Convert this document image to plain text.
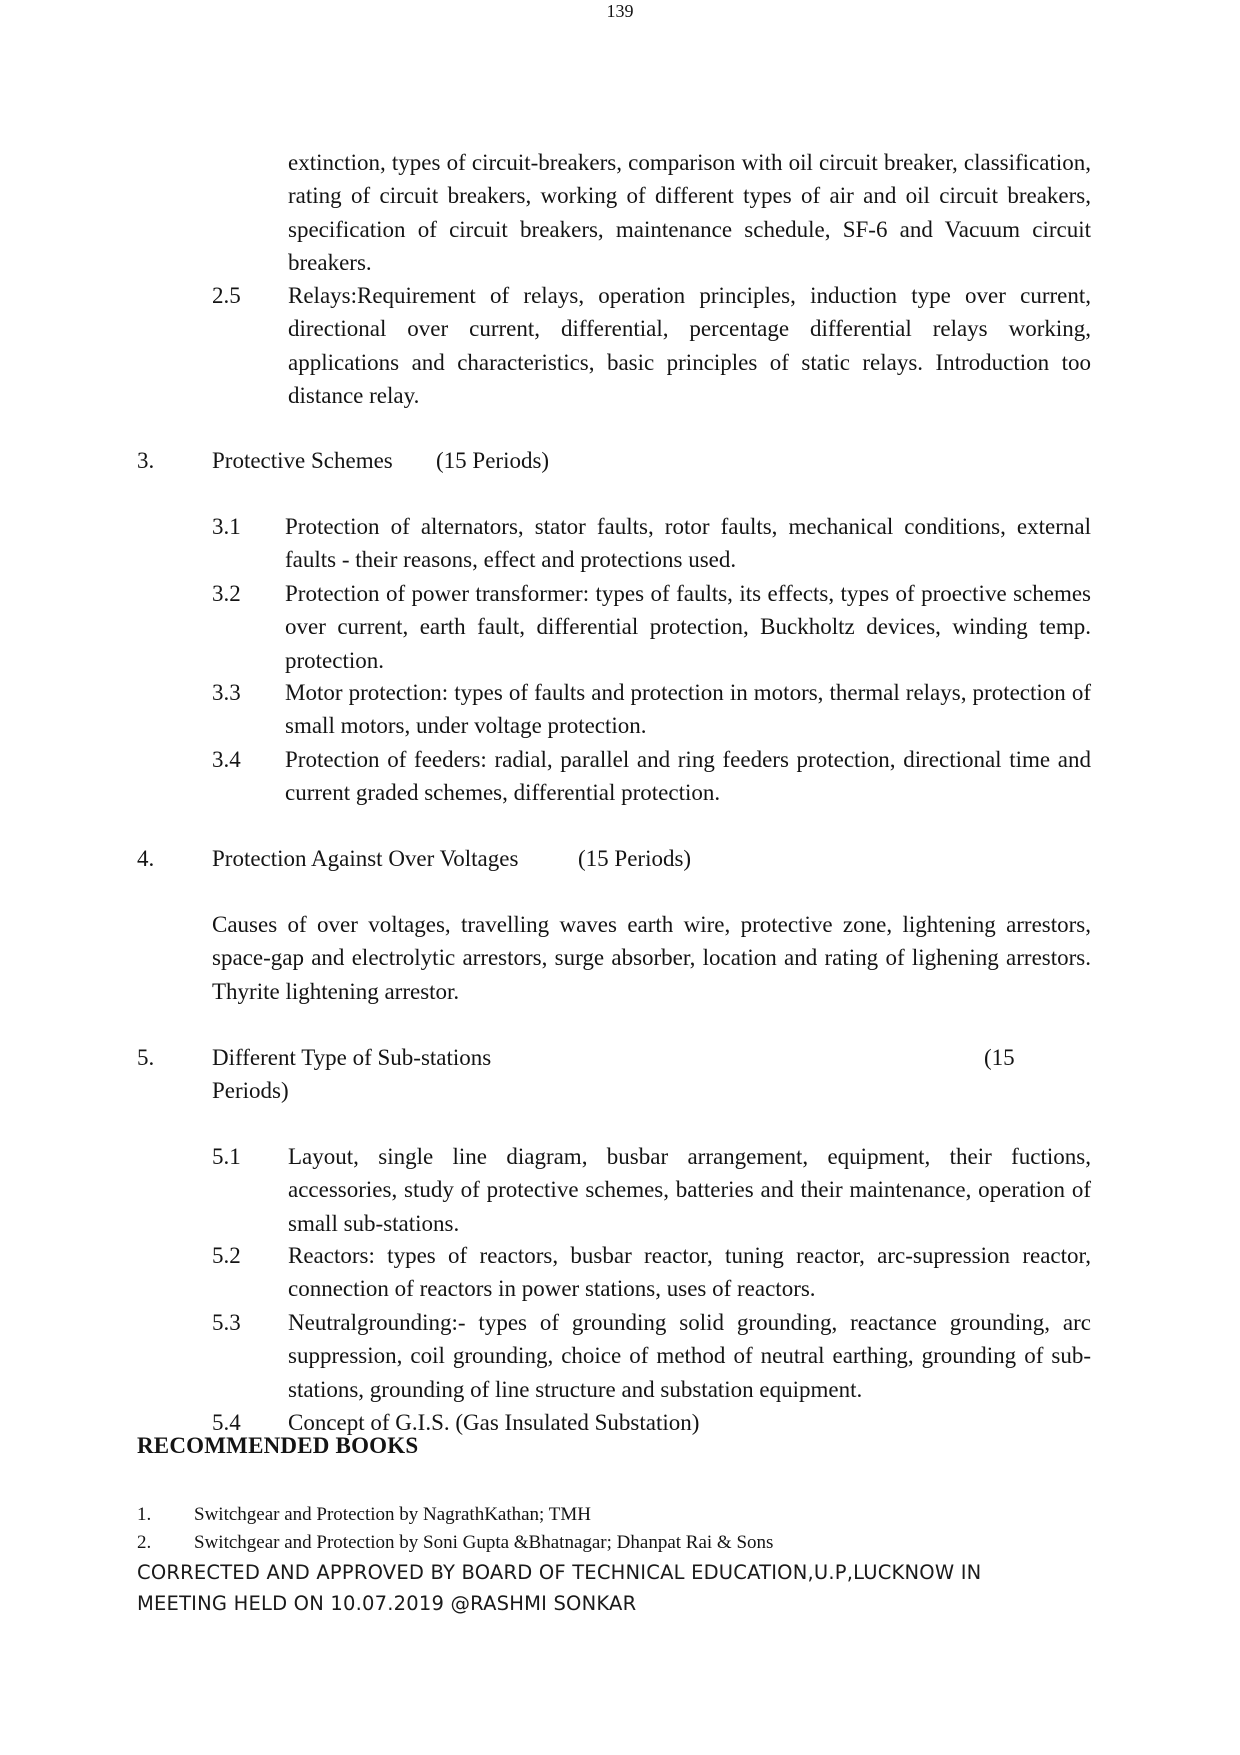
139
extinction, types of circuit-breakers, comparison with oil circuit breaker, classification, rating of circuit breakers, working of different types of air and oil circuit breakers, specification of circuit breakers, maintenance schedule, SF-6 and Vacuum circuit breakers.
2.5 Relays:Requirement of relays, operation principles, induction type over current, directional over current, differential, percentage differential relays working, applications and characteristics, basic principles of static relays. Introduction too distance relay.
3.	Protective Schemes (15 Periods)
3.1 Protection of alternators, stator faults, rotor faults, mechanical conditions, external faults - their reasons, effect and protections used.
3.2 Protection of power transformer: types of faults, its effects, types of proective schemes over current, earth fault, differential protection, Buckholtz devices, winding temp. protection.
3.3 Motor protection: types of faults and protection in motors, thermal relays, protection of small motors, under voltage protection.
3.4 Protection of feeders: radial, parallel and ring feeders protection, directional time and current graded schemes, differential protection.
4.	Protection Against Over Voltages	(15 Periods)
Causes of over voltages, travelling waves earth wire, protective zone, lightening arrestors, space-gap and electrolytic arrestors, surge absorber, location and rating of lighening arrestors. Thyrite lightening arrestor.
5.	Different Type of Sub-stations	(15
Periods)
5.1 Layout, single line diagram, busbar arrangement, equipment, their fuctions, accessories, study of protective schemes, batteries and their maintenance, operation of small sub-stations.
5.2 Reactors: types of reactors, busbar reactor, tuning reactor, arc-supression reactor, connection of reactors in power stations, uses of reactors.
5.3 Neutralgrounding:- types of grounding solid grounding, reactance grounding, arc suppression, coil grounding, choice of method of neutral earthing, grounding of sub-stations, grounding of line structure and substation equipment.
5.4 Concept of G.I.S. (Gas Insulated Substation)
RECOMMENDED BOOKS
1. Switchgear and Protection by NagrathKathan; TMH
2. Switchgear and Protection by Soni Gupta &Bhatnagar; Dhanpat Rai & Sons
CORRECTED AND APPROVED BY BOARD OF TECHNICAL EDUCATION,U.P,LUCKNOW IN
MEETING HELD ON 10.07.2019 @RASHMI SONKAR
